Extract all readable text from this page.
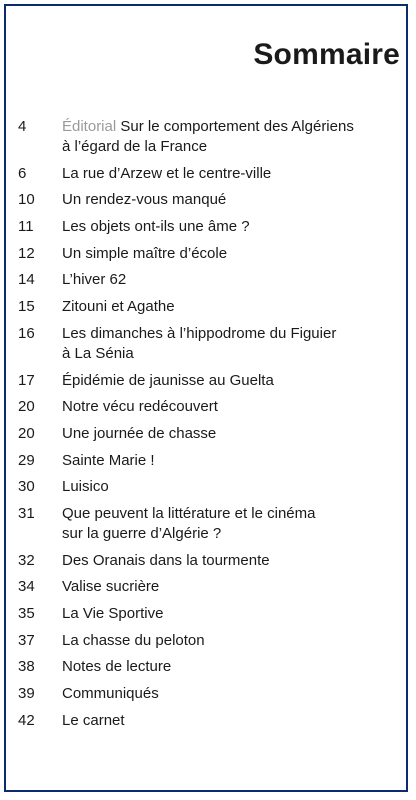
Sommaire
4	Éditorial Sur le comportement des Algériens
à l’égard de la France
6	La rue d’Arzew et le centre-ville
10	Un rendez-vous manqué
11	Les objets ont-ils une âme ?
12	Un simple maître d’école
14	L’hiver 62
15	Zitouni et Agathe
16	Les dimanches à l’hippodrome du Figuier
à La Sénia
17	Épidémie de jaunisse au Guelta
20	Notre vécu redécouvert
20	Une journée de chasse
29	Sainte Marie !
30	Luisico
31	Que peuvent la littérature et le cinéma
sur la guerre d’Algérie ?
32	Des Oranais dans la tourmente
34	Valise sucrière
35	La Vie Sportive
37	La chasse du peloton
38	Notes de lecture
39	Communiqués
42	Le carnet
